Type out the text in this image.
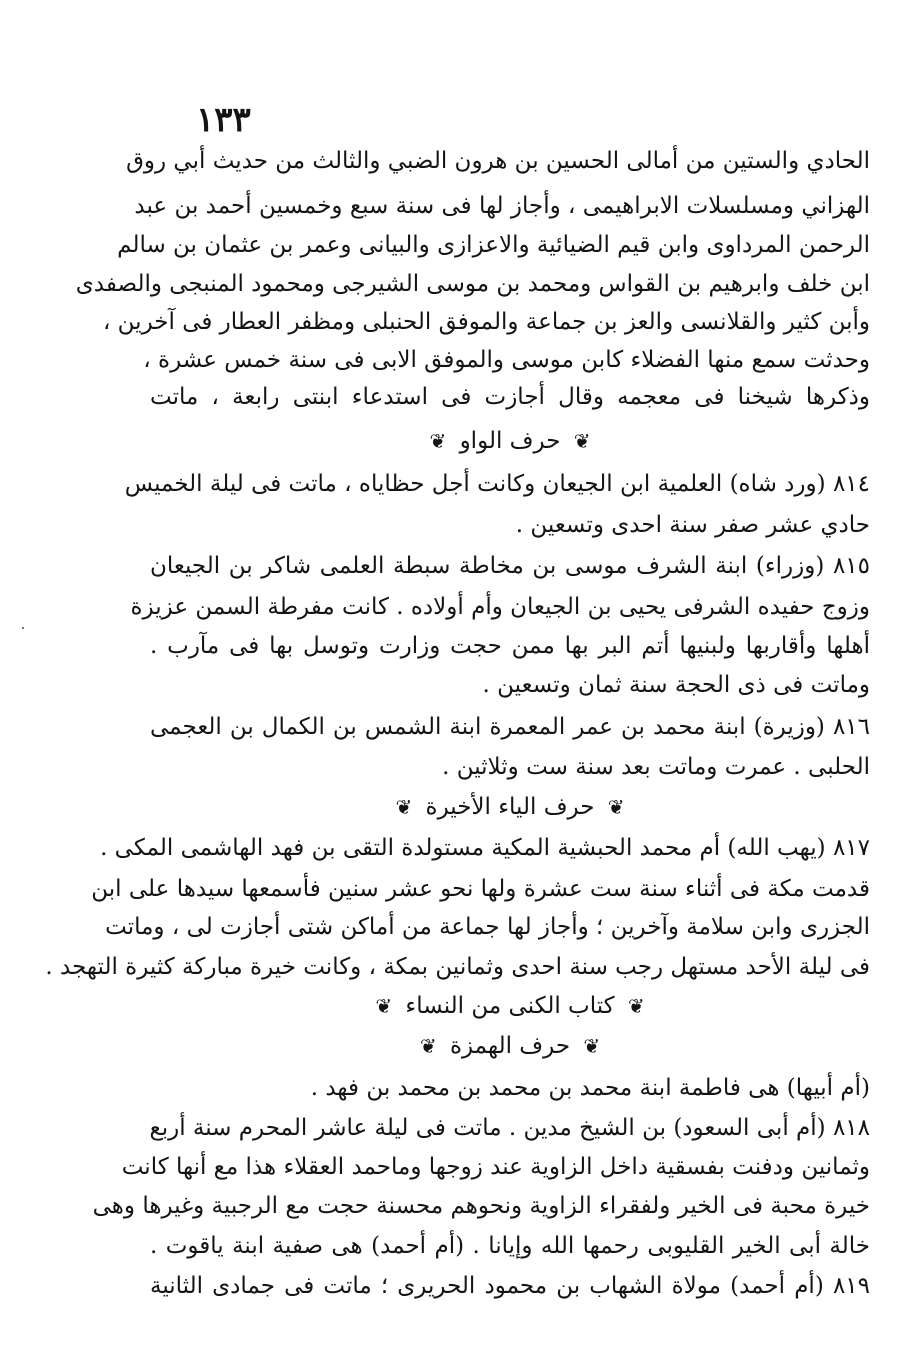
١٣٣
الحادي والستين من أمالى الحسين بن هرون الضبي والثالث من حديث أبي روق
الهزاني ومسلسلات الابراهيمى ، وأجاز لها فى سنة سبع وخمسين أحمد بن عبد
الرحمن المرداوى وابن قيم الضيائية والاعزازى والبيانى وعمر بن عثمان بن سالم
ابن خلف وابرهيم بن القواس ومحمد بن موسى الشيرجى ومحمود المنبجى والصفدى
وأبن كثير والقلانسى والعز بن جماعة والموفق الحنبلى ومظفر العطار فى آخرين ،
وحدثت سمع منها الفضلاء كابن موسى والموفق الابى فى سنة خمس عشرة ،
وذكرها شيخنا فى معجمه وقال أجازت فى استدعاء ابنتى رابعة ، ماتت
❦ حرف الواو ❦
٨١٤ (ورد شاه) العلمية ابن الجيعان وكانت أجل حظاياه ، ماتت فى ليلة الخميس
حادي عشر صفر سنة احدى وتسعين .
٨١٥ (وزراء) ابنة الشرف موسى بن مخاطة سبطة العلمى شاكر بن الجيعان
وزوج حفيده الشرفى يحيى بن الجيعان وأم أولاده . كانت مفرطة السمن عزيزة
أهلها وأقاربها ولبنيها أتم البر بها ممن حجت وزارت وتوسل بها فى مآرب .
وماتت فى ذى الحجة سنة ثمان وتسعين .
٨١٦ (وزيرة) ابنة محمد بن عمر المعمرة ابنة الشمس بن الكمال بن العجمى
الحلبى . عمرت وماتت بعد سنة ست وثلاثين .
❦ حرف الياء الأخيرة ❦
٨١٧ (يهب الله) أم محمد الحبشية المكية مستولدة التقى بن فهد الهاشمى المكى .
قدمت مكة فى أثناء سنة ست عشرة ولها نحو عشر سنين فأسمعها سيدها على ابن
الجزرى وابن سلامة وآخرين ؛ وأجاز لها جماعة من أماكن شتى أجازت لى ، وماتت
فى ليلة الأحد مستهل رجب سنة احدى وثمانين بمكة ، وكانت خيرة مباركة كثيرة التهجد .
❦ كتاب الكنى من النساء ❦
❦ حرف الهمزة ❦
(أم أبيها) هى فاطمة ابنة محمد بن محمد بن محمد بن فهد .
٨١٨ (أم أبى السعود) بن الشيخ مدين . ماتت فى ليلة عاشر المحرم سنة أربع
وثمانين ودفنت بفسقية داخل الزاوية عند زوجها وماحمد العقلاء هذا مع أنها كانت
خيرة محبة فى الخير ولفقراء الزاوية ونحوهم محسنة حجت مع الرجبية وغيرها وهى
خالة أبى الخير القليوبى رحمها الله وإيانا . (أم أحمد) هى صفية ابنة ياقوت .
٨١٩ (أم أحمد) مولاة الشهاب بن محمود الحريرى ؛ ماتت فى جمادى الثانية
